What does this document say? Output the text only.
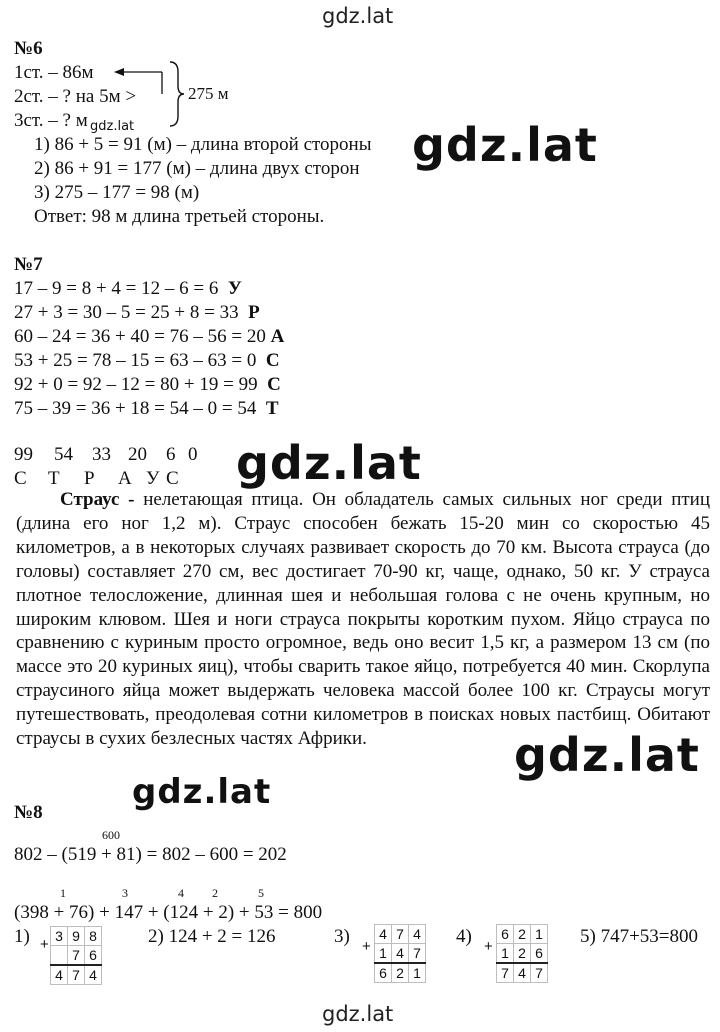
gdz.lat
gdz.lat
gdz.lat
gdz.lat
gdz.lat
gdz.lat
gdz.lat
№6
1ст. – 86м
2ст. – ? на 5м >
3ст. – ? м
275 м
1) 86 + 5 = 91 (м) – длина второй стороны
2) 86 + 91 = 177 (м) – длина двух сторон
3) 275 – 177 = 98 (м)
Ответ: 98 м длина третьей стороны.
№7
17 – 9 = 8 + 4 = 12 – 6 = 6 У
27 + 3 = 30 – 5 = 25 + 8 = 33 Р
60 – 24 = 36 + 40 = 76 – 56 = 20 А
53 + 25 = 78 – 15 = 63 – 63 = 0 С
92 + 0 = 92 – 12 = 80 + 19 = 99 С
75 – 39 = 36 + 18 = 54 – 0 = 54 Т
99 54 33 20 6 0
С Т Р А У С
Страус - нелетающая птица. Он обладатель самых сильных ног среди птиц (длина его ног 1,2 м). Страус способен бежать 15-20 мин со скоростью 45 километров, а в некоторых случаях развивает скорость до 70 км. Высота страуса (до головы) составляет 270 см, вес достигает 70-90 кг, чаще, однако, 50 кг. У страуса плотное телосложение, длинная шея и небольшая голова с не очень крупным, но широким клювом. Шея и ноги страуса покрыты коротким пухом. Яйцо страуса по сравнению с куриным просто огромное, ведь оно весит 1,5 кг, а размером 13 см (по массе это 20 куриных яиц), чтобы сварить такое яйцо, потребуется 40 мин. Скорлупа страусиного яйца может выдержать человека массой более 100 кг. Страусы могут путешествовать, преодолевая сотни километров в поисках новых пастбищ. Обитают страусы в сухих безлесных частях Африки.
№8
600
802 – (519 + 81) = 802 – 600 = 202
1	3	4 2	5
(398 + 76) + 147 + (124 + 2) + 53 = 800
1) + 3	9	8
	7	6
4	7	4
2) 124 + 2 = 126	3) +
4	7	4
1	4	7
6	2	1
4) +
6	2	1
1	2	6
7	4	7
5) 747+53=800
